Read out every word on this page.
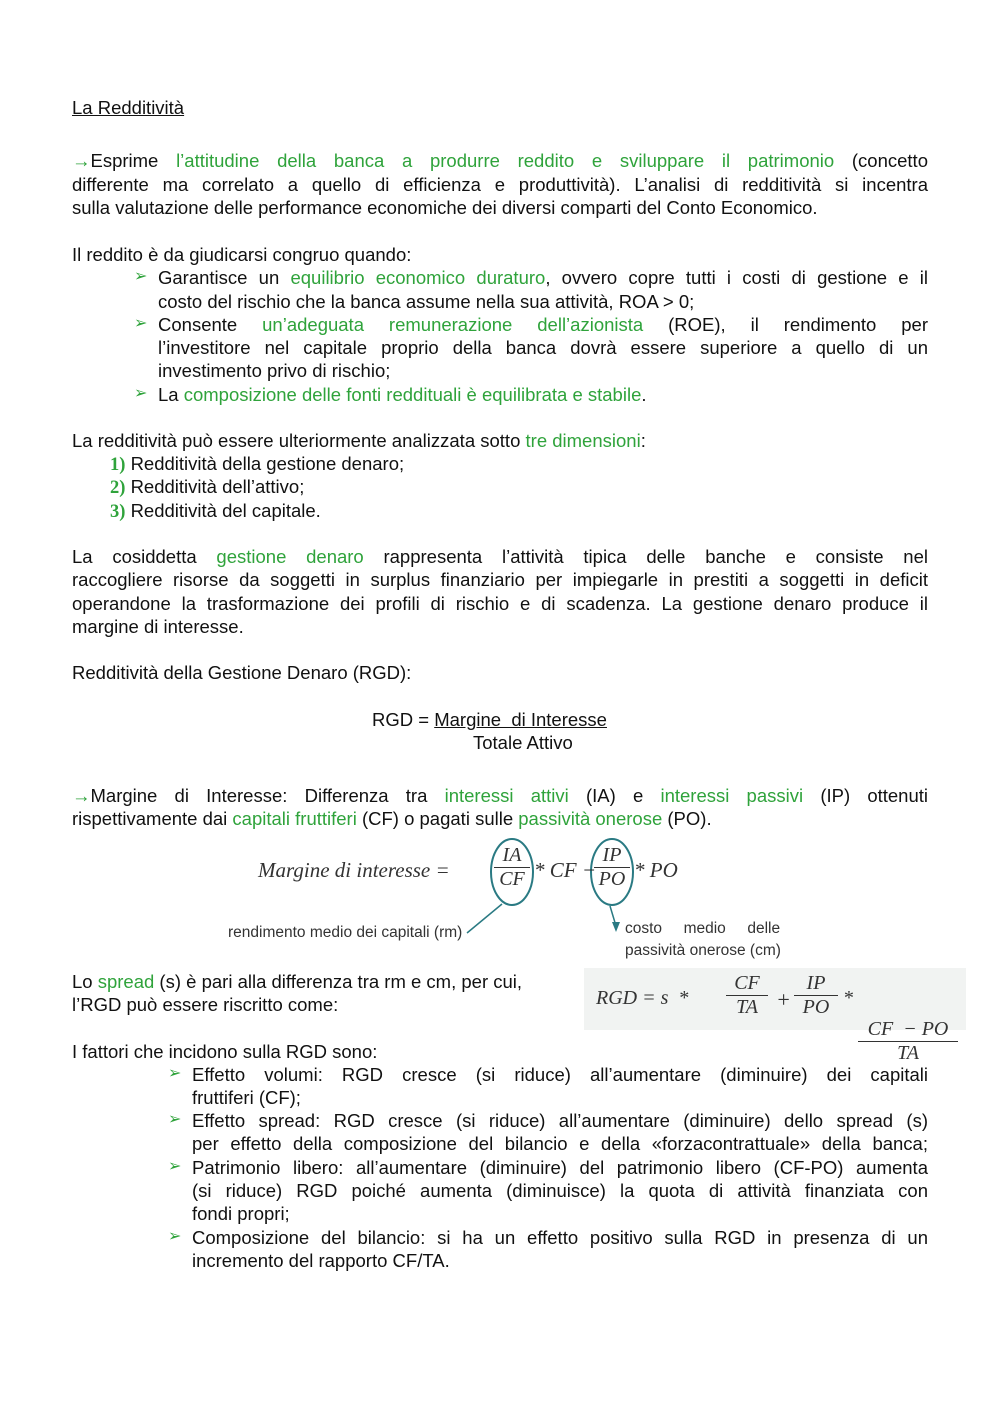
La Redditività
→Esprime l’attitudine della banca a produrre reddito e sviluppare il patrimonio (concetto
differente ma correlato a quello di efficienza e produttività). L’analisi di redditività si incentra
sulla valutazione delle performance economiche dei diversi comparti del Conto Economico.
Il reddito è da giudicarsi congruo quando:
➢ Garantisce un equilibrio economico duraturo, ovvero copre tutti i costi di gestione e il
costo del rischio che la banca assume nella sua attività, ROA > 0;
➢ Consente un’adeguata remunerazione dell’azionista (ROE), il rendimento per
l’investitore nel capitale proprio della banca dovrà essere superiore a quello di un
investimento privo di rischio;
➢ La composizione delle fonti reddituali è equilibrata e stabile.
La redditività può essere ulteriormente analizzata sotto tre dimensioni:
1) Redditività della gestione denaro;
2) Redditività dell’attivo;
3) Redditività del capitale.
La cosiddetta gestione denaro rappresenta l’attività tipica delle banche e consiste nel
raccogliere risorse da soggetti in surplus finanziario per impiegarle in prestiti a soggetti in deficit
operandone la trasformazione dei profili di rischio e di scadenza. La gestione denaro produce il
margine di interesse.
Redditività della Gestione Denaro (RGD):
RGD = Margine  di Interesse
Totale Attivo
→Margine di Interesse: Differenza tra interessi attivi (IA) e interessi passivi (IP) ottenuti
rispettivamente dai capitali fruttiferi (CF) o pagati sulle passività onerose (PO).
Lo spread (s) è pari alla differenza tra rm e cm, per cui,
l’RGD può essere riscritto come:
I fattori che incidono sulla RGD sono:
➢ Effetto volumi: RGD cresce (si riduce) all’aumentare (diminuire) dei capitali
fruttiferi (CF);
➢ Effetto spread: RGD cresce (si riduce) all’aumentare (diminuire) dello spread (s)
per effetto della composizione del bilancio e della «forzacontrattuale» della banca;
➢ Patrimonio libero: all’aumentare (diminuire) del patrimonio libero (CF-PO) aumenta
(si riduce) RGD poiché aumenta (diminuisce) la quota di attività finanziata con
fondi propri;
➢ Composizione del bilancio: si ha un effetto positivo sulla RGD in presenza di un
incremento del rapporto CF/TA.
Margine di interesse =
IA
CF * CF −
IP
PO * PO
rendimento medio dei capitali (rm)	costo     medio     delle
passività onerose (cm)
RGD = s  *
CF
TA +
IP
PO *

CF  − PO
TA
